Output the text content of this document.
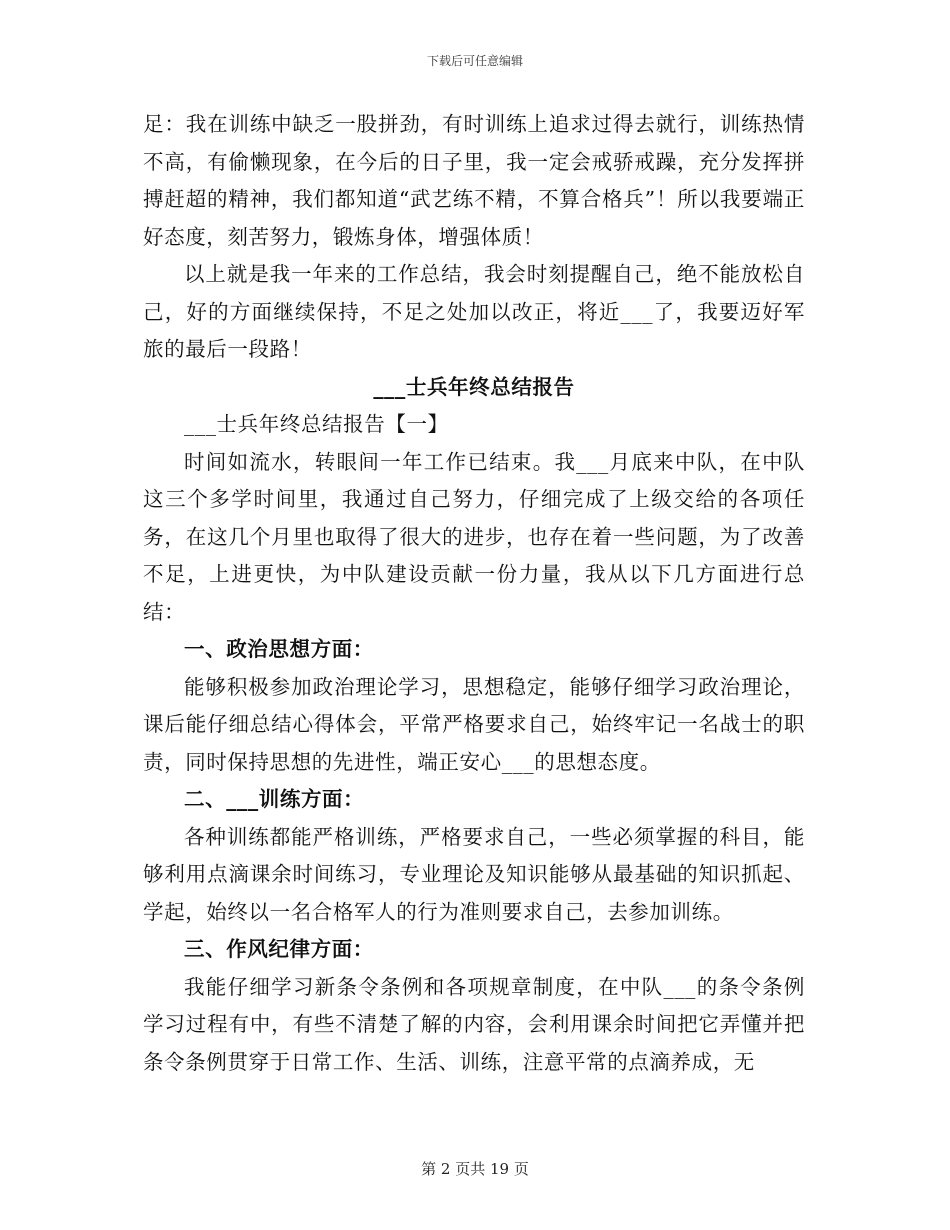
下载后可任意编辑

足：我在训练中缺乏一股拼劲，有时训练上追求过得去就行，训练热情不高，有偷懒现象，在今后的日子里，我一定会戒骄戒躁，充分发挥拼搏赶超的精神，我们都知道“武艺练不精，不算合格兵”！所以我要端正好态度，刻苦努力，锻炼身体，增强体质！

以上就是我一年来的工作总结，我会时刻提醒自己，绝不能放松自己，好的方面继续保持，不足之处加以改正，将近___了，我要迈好军旅的最后一段路！

___士兵年终总结报告

___士兵年终总结报告【一】

时间如流水，转眼间一年工作已结束。我___月底来中队，在中队这三个多学时间里，我通过自己努力，仔细完成了上级交给的各项任务，在这几个月里也取得了很大的进步，也存在着一些问题，为了改善不足，上进更快，为中队建设贡献一份力量，我从以下几方面进行总结：

一、政治思想方面：

能够积极参加政治理论学习，思想稳定，能够仔细学习政治理论，课后能仔细总结心得体会，平常严格要求自己，始终牢记一名战士的职责，同时保持思想的先进性，端正安心___的思想态度。

二、___训练方面：

各种训练都能严格训练，严格要求自己，一些必须掌握的科目，能够利用点滴课余时间练习，专业理论及知识能够从最基础的知识抓起、学起，始终以一名合格军人的行为准则要求自己，去参加训练。

三、作风纪律方面：

我能仔细学习新条令条例和各项规章制度，在中队___的条令条例学习过程有中，有些不清楚了解的内容，会利用课余时间把它弄懂并把条令条例贯穿于日常工作、生活、训练，注意平常的点滴养成，无

第 2 页共 19 页
